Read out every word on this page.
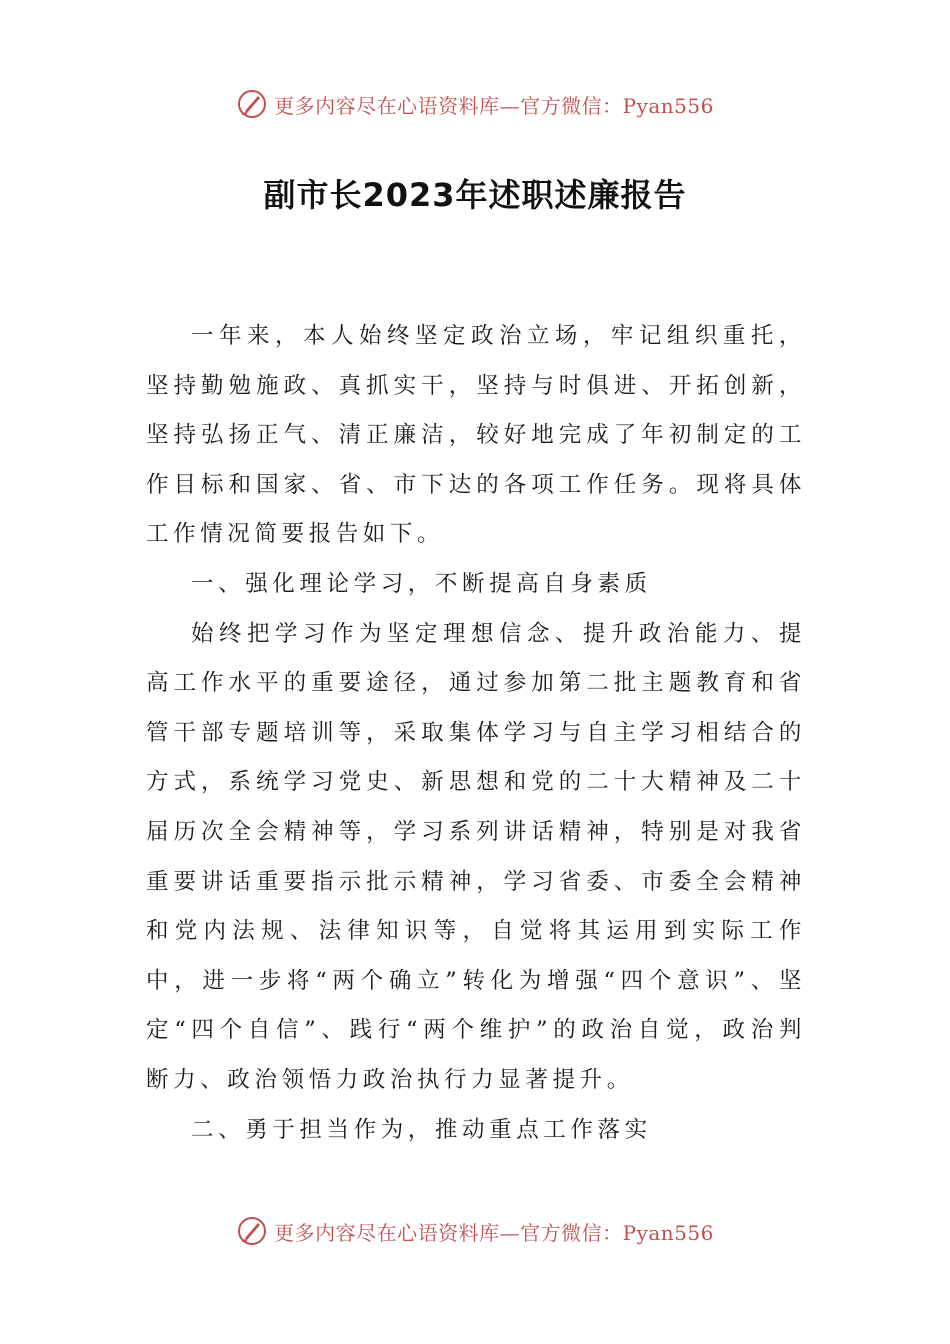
更多内容尽在心语资料库—官方微信：Pyan556
副市长2023年述职述廉报告

一年来，本人始终坚定政治立场，牢记组织重托，坚持勤勉施政、真抓实干，坚持与时俱进、开拓创新，坚持弘扬正气、清正廉洁，较好地完成了年初制定的工作目标和国家、省、市下达的各项工作任务。现将具体工作情况简要报告如下。

一、强化理论学习，不断提高自身素质

始终把学习作为坚定理想信念、提升政治能力、提高工作水平的重要途径，通过参加第二批主题教育和省管干部专题培训等，采取集体学习与自主学习相结合的方式，系统学习党史、新思想和党的二十大精神及二十届历次全会精神等，学习系列讲话精神，特别是对我省重要讲话重要指示批示精神，学习省委、市委全会精神和党内法规、法律知识等，自觉将其运用到实际工作中，进一步将“两个确立”转化为增强“四个意识”、坚定“四个自信”、践行“两个维护”的政治自觉，政治判断力、政治领悟力政治执行力显著提升。

二、勇于担当作为，推动重点工作落实

更多内容尽在心语资料库—官方微信：Pyan556
